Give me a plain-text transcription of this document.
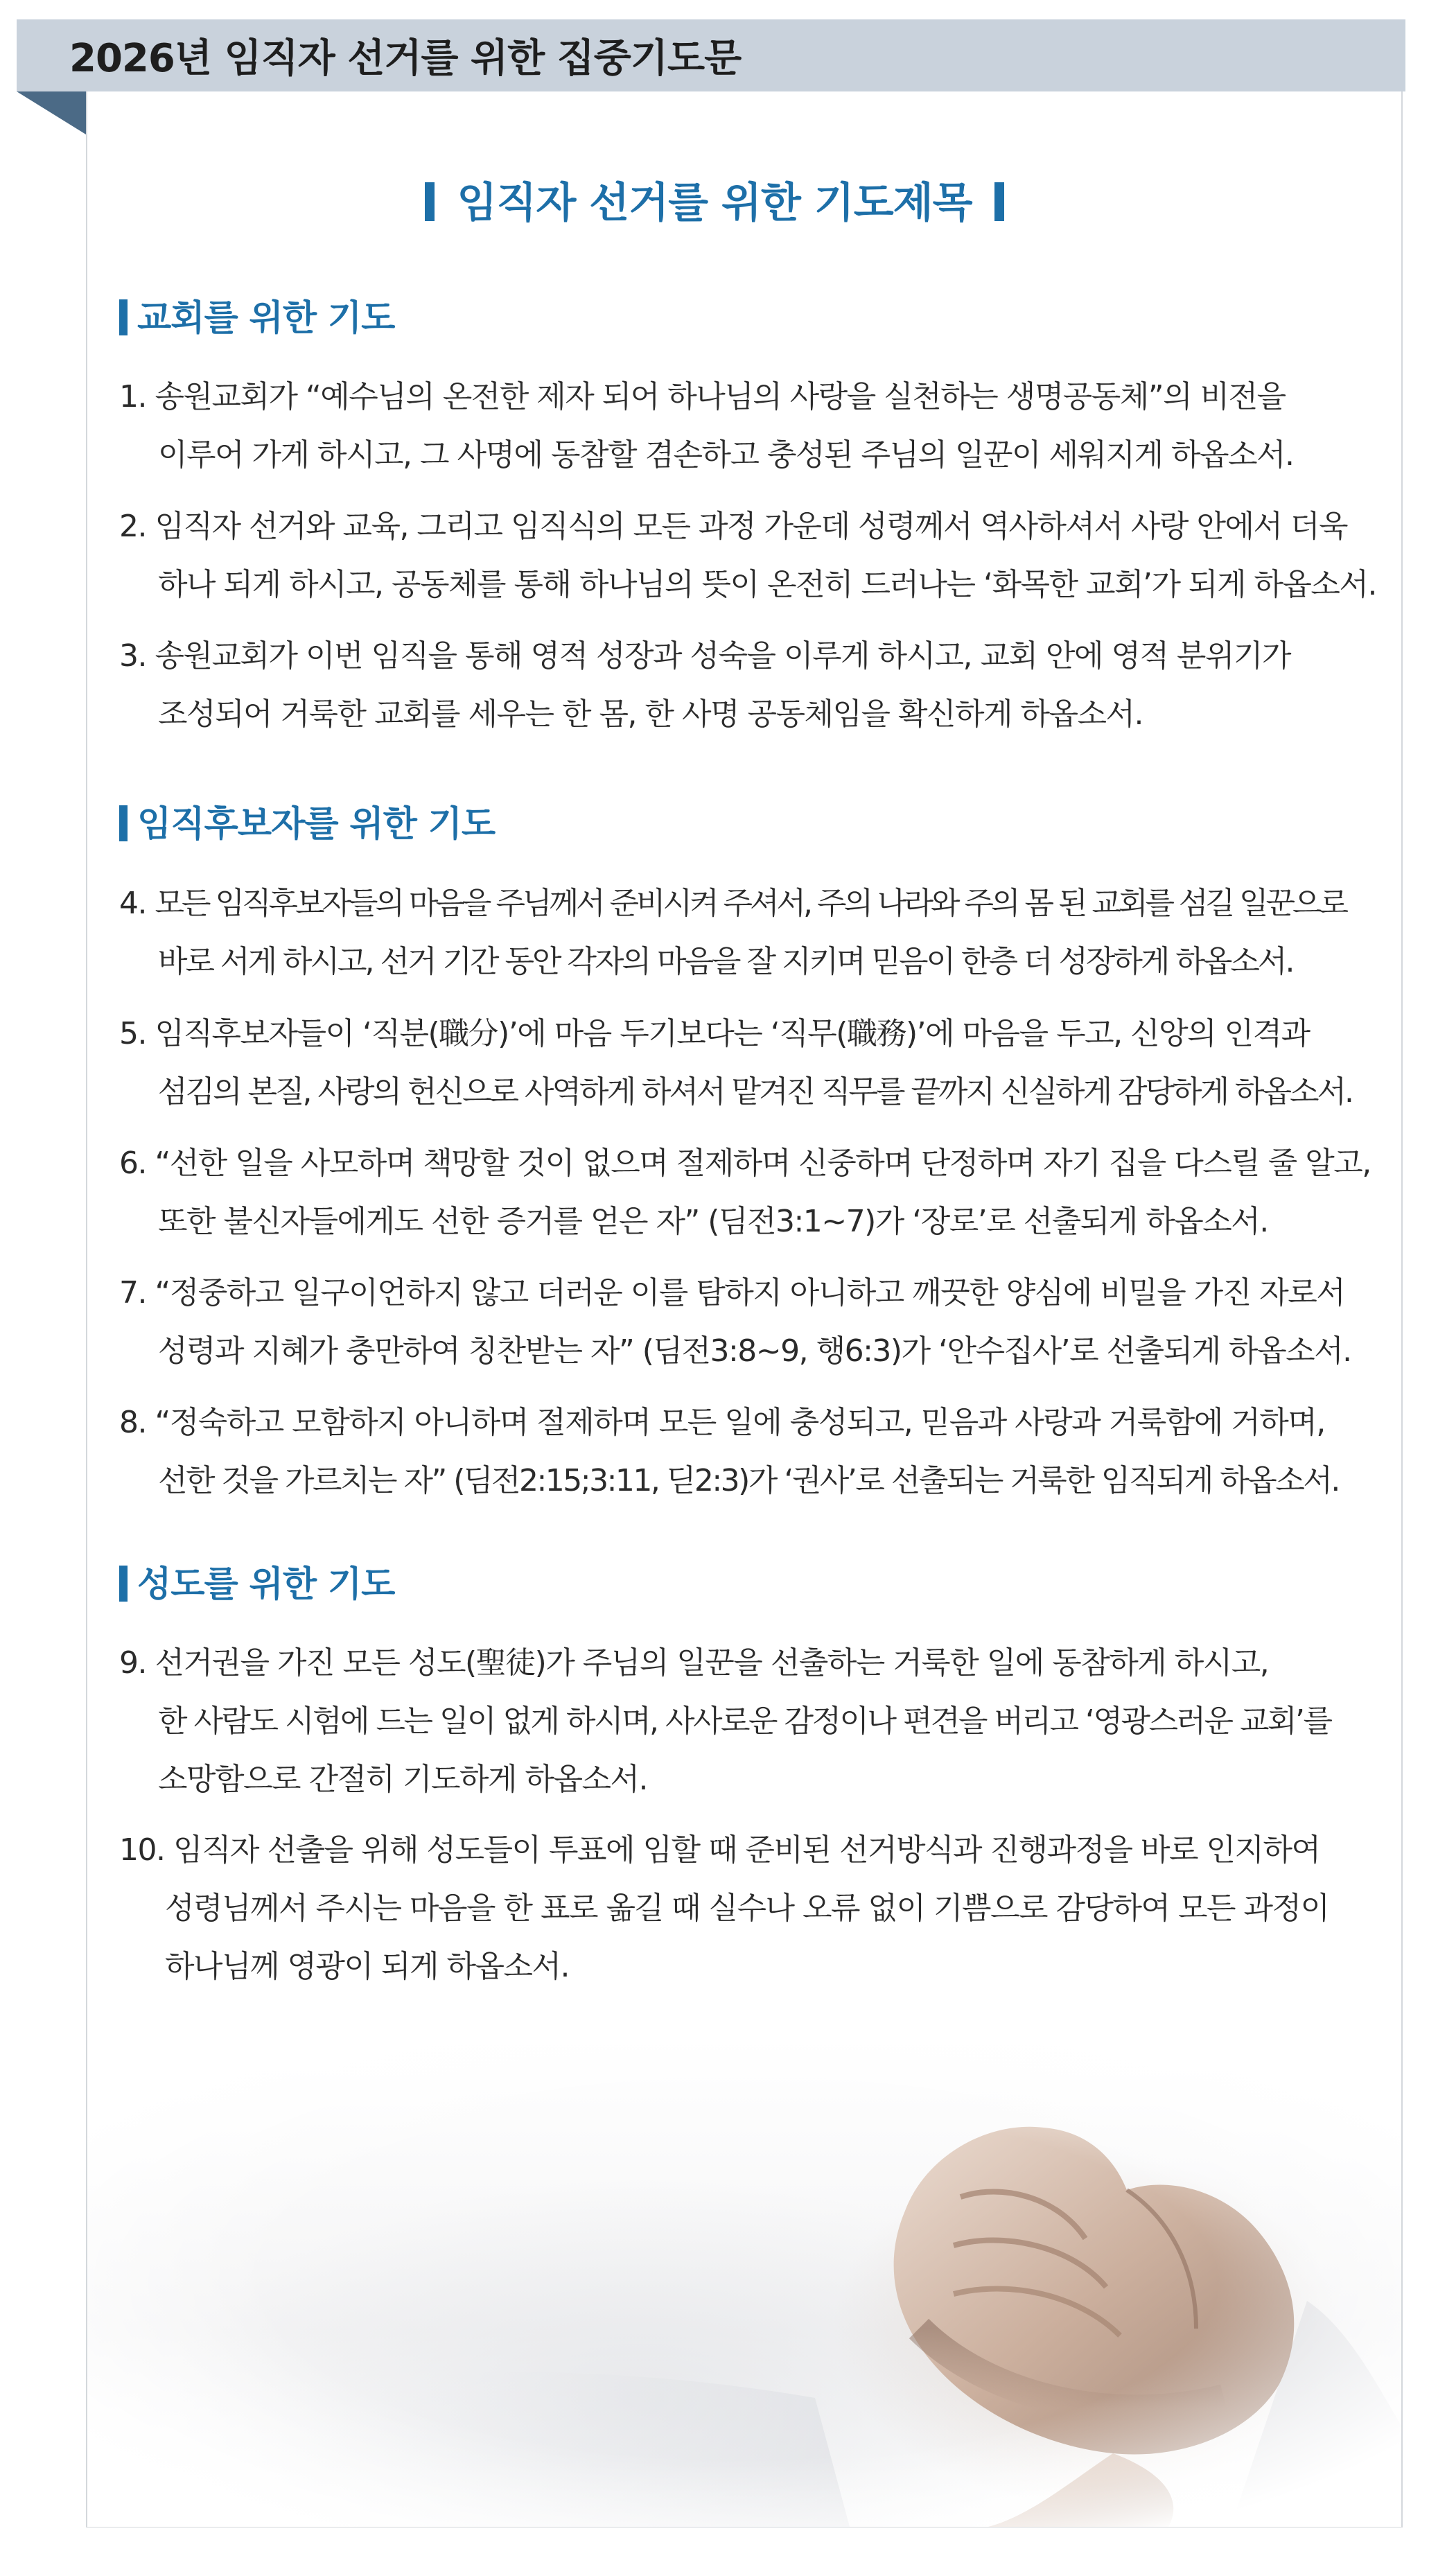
2026년 임직자 선거를 위한 집중기도문
임직자 선거를 위한 기도제목
교회를 위한 기도
1. 송원교회가 “예수님의 온전한 제자 되어 하나님의 사랑을 실천하는 생명공동체”의 비전을
이루어 가게 하시고, 그 사명에 동참할 겸손하고 충성된 주님의 일꾼이 세워지게 하옵소서.
2. 임직자 선거와 교육, 그리고 임직식의 모든 과정 가운데 성령께서 역사하셔서 사랑 안에서 더욱
하나 되게 하시고, 공동체를 통해 하나님의 뜻이 온전히 드러나는 ‘화목한 교회’가 되게 하옵소서.
3. 송원교회가 이번 임직을 통해 영적 성장과 성숙을 이루게 하시고, 교회 안에 영적 분위기가
조성되어 거룩한 교회를 세우는 한 몸, 한 사명 공동체임을 확신하게 하옵소서.
임직후보자를 위한 기도
4. 모든 임직후보자들의 마음을 주님께서 준비시켜 주셔서, 주의 나라와 주의 몸 된 교회를 섬길 일꾼으로
바로 서게 하시고, 선거 기간 동안 각자의 마음을 잘 지키며 믿음이 한층 더 성장하게 하옵소서.
5. 임직후보자들이 ‘직분(職分)’에 마음 두기보다는 ‘직무(職務)’에 마음을 두고, 신앙의 인격과
섬김의 본질, 사랑의 헌신으로 사역하게 하셔서 맡겨진 직무를 끝까지 신실하게 감당하게 하옵소서.
6. “선한 일을 사모하며 책망할 것이 없으며 절제하며 신중하며 단정하며 자기 집을 다스릴 줄 알고,
또한 불신자들에게도 선한 증거를 얻은 자” (딤전3:1~7)가 ‘장로’로 선출되게 하옵소서.
7. “정중하고 일구이언하지 않고 더러운 이를 탐하지 아니하고 깨끗한 양심에 비밀을 가진 자로서
성령과 지혜가 충만하여 칭찬받는 자” (딤전3:8~9, 행6:3)가 ‘안수집사’로 선출되게 하옵소서.
8. “정숙하고 모함하지 아니하며 절제하며 모든 일에 충성되고, 믿음과 사랑과 거룩함에 거하며,
선한 것을 가르치는 자” (딤전2:15;3:11, 딛2:3)가 ‘권사’로 선출되는 거룩한 임직되게 하옵소서.
성도를 위한 기도
9. 선거권을 가진 모든 성도(聖徒)가 주님의 일꾼을 선출하는 거룩한 일에 동참하게 하시고,
한 사람도 시험에 드는 일이 없게 하시며, 사사로운 감정이나 편견을 버리고 ‘영광스러운 교회’를
소망함으로 간절히 기도하게 하옵소서.
10. 임직자 선출을 위해 성도들이 투표에 임할 때 준비된 선거방식과 진행과정을 바로 인지하여
성령님께서 주시는 마음을 한 표로 옮길 때 실수나 오류 없이 기쁨으로 감당하여 모든 과정이
하나님께 영광이 되게 하옵소서.
